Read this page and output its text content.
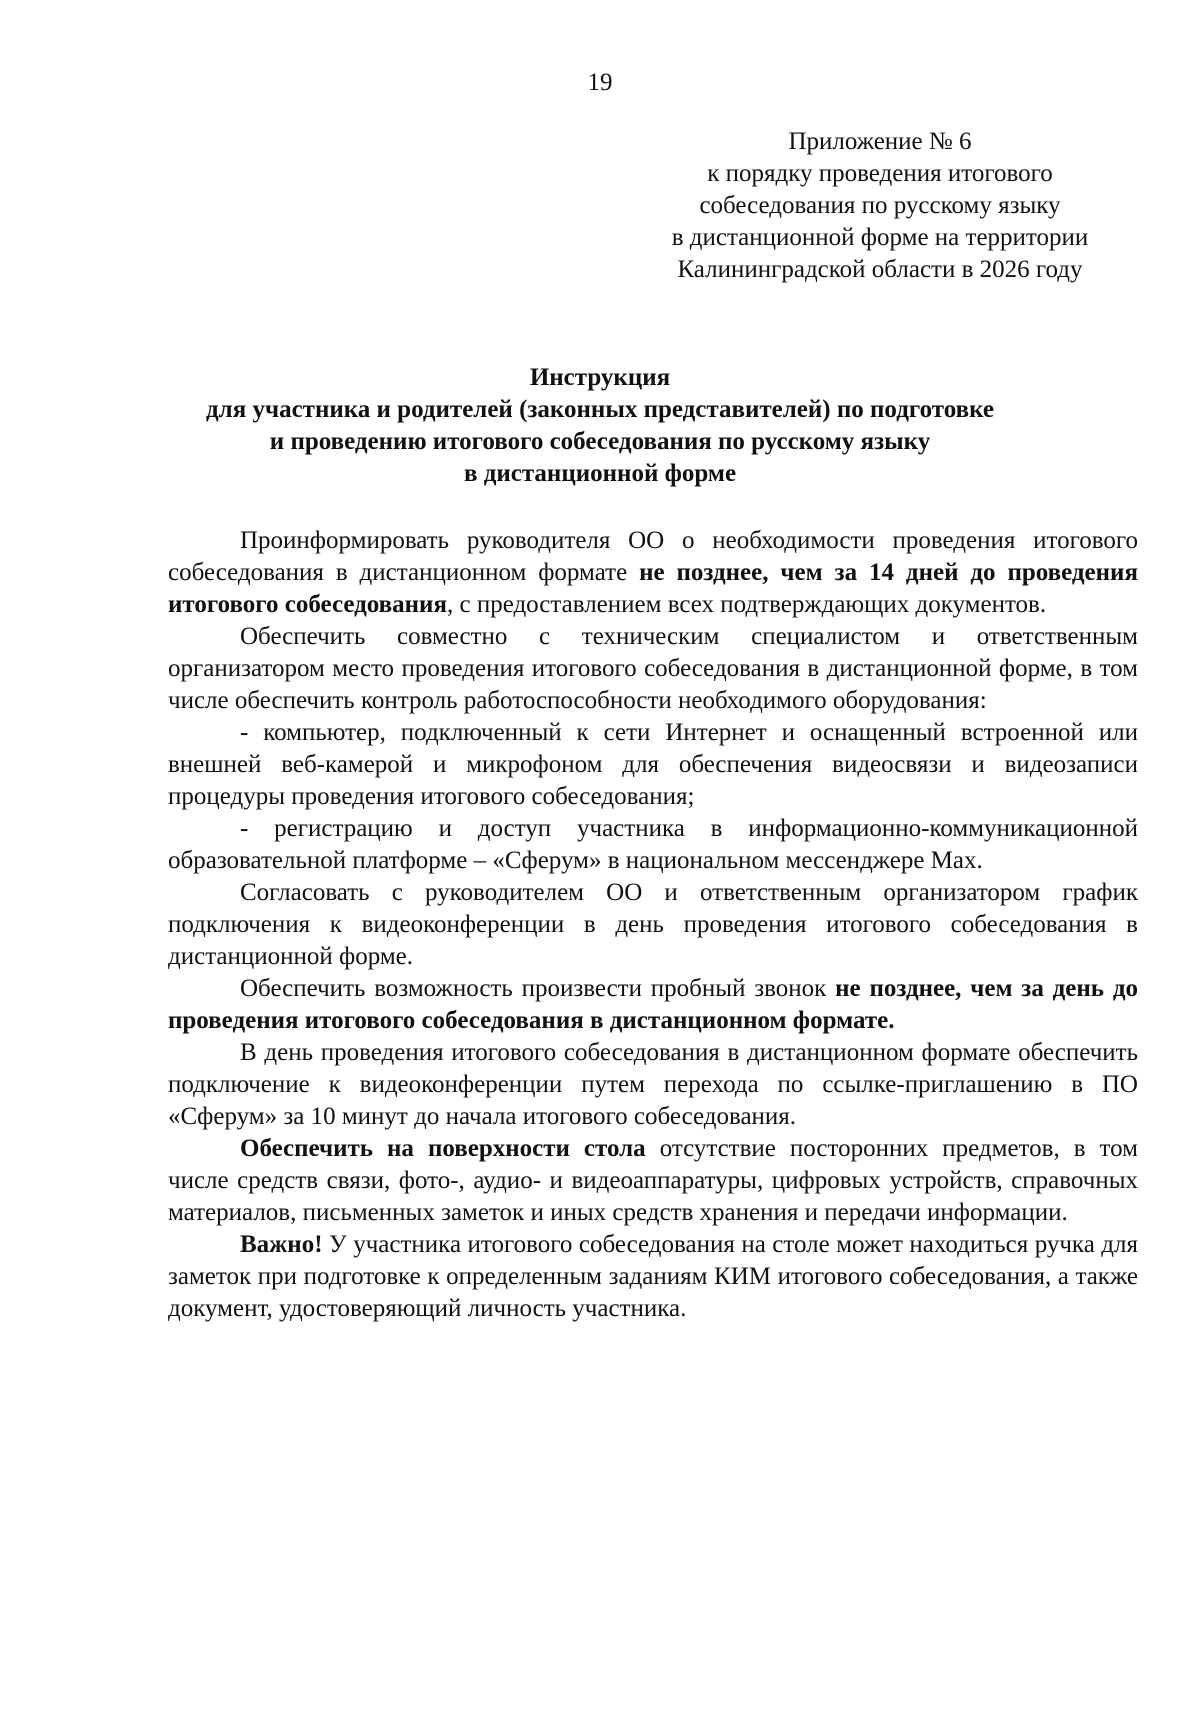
19
Приложение № 6
к порядку проведения итогового
собеседования по русскому языку
в дистанционной форме на территории
Калининградской области в 2026 году
Инструкция
для участника и родителей (законных представителей) по подготовке
и проведению итогового собеседования по русскому языку
в дистанционной форме

Проинформировать руководителя ОО о необходимости проведения итогового собеседования в дистанционном формате не позднее, чем за 14 дней до проведения итогового собеседования, с предоставлением всех подтверждающих документов.

Обеспечить совместно с техническим специалистом и ответственным организатором место проведения итогового собеседования в дистанционной форме, в том числе обеспечить контроль работоспособности необходимого оборудования:

- компьютер, подключенный к сети Интернет и оснащенный встроенной или внешней веб-камерой и микрофоном для обеспечения видеосвязи и видеозаписи процедуры проведения итогового собеседования;

- регистрацию и доступ участника в информационно-коммуникационной образовательной платформе – «Сферум» в национальном мессенджере Max.

Согласовать с руководителем ОО и ответственным организатором график подключения к видеоконференции в день проведения итогового собеседования в дистанционной форме.

Обеспечить возможность произвести пробный звонок не позднее, чем за день до проведения итогового собеседования в дистанционном формате.

В день проведения итогового собеседования в дистанционном формате обеспечить подключение к видеоконференции путем перехода по ссылке-приглашению в ПО «Сферум» за 10 минут до начала итогового собеседования.

Обеспечить на поверхности стола отсутствие посторонних предметов, в том числе средств связи, фото-, аудио- и видеоаппаратуры, цифровых устройств, справочных материалов, письменных заметок и иных средств хранения и передачи информации.

Важно! У участника итогового собеседования на столе может находиться ручка для заметок при подготовке к определенным заданиям КИМ итогового собеседования, а также документ, удостоверяющий личность участника.
